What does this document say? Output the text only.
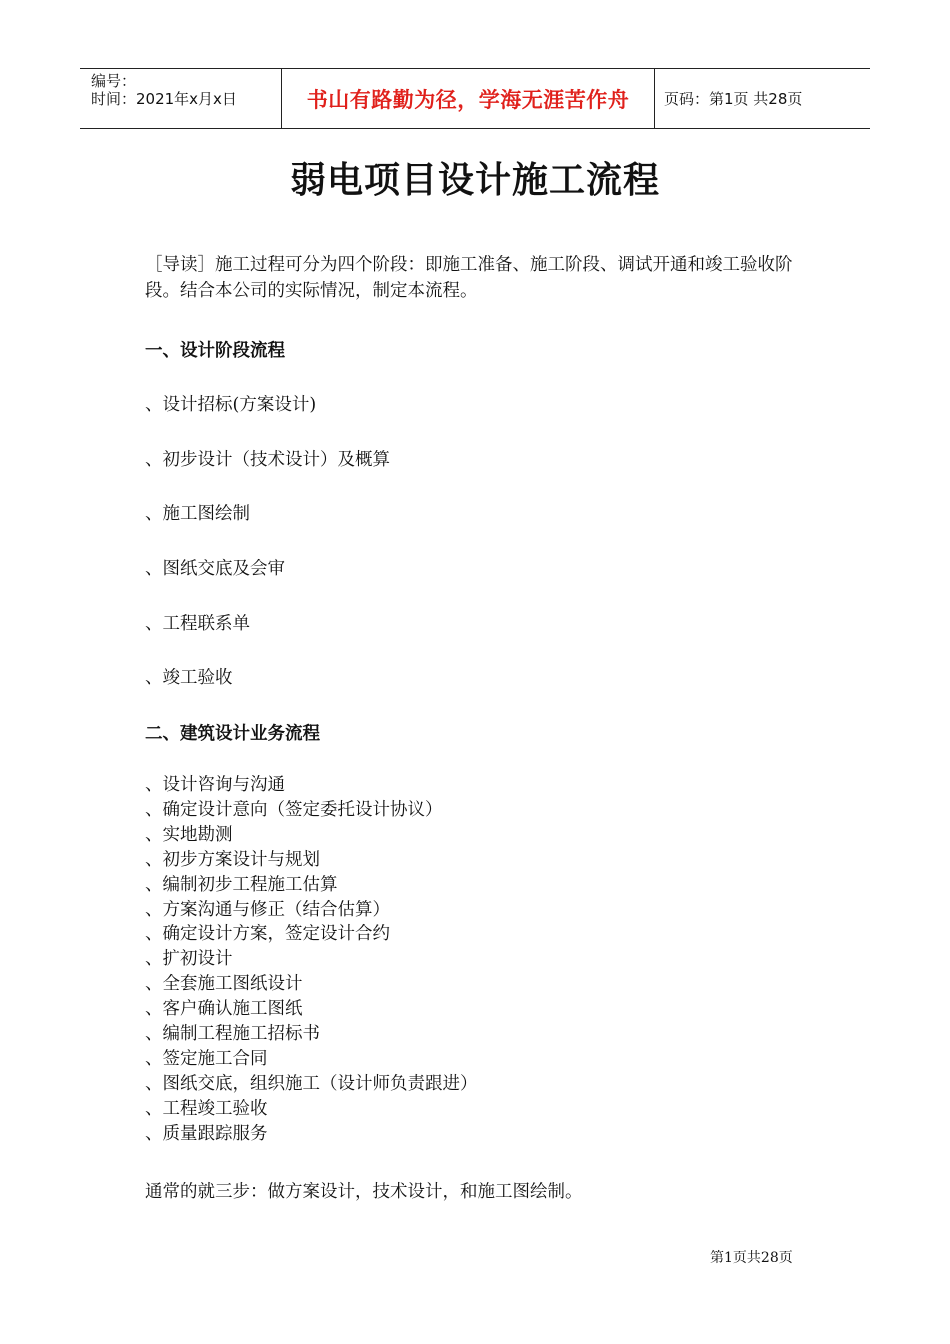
编号：
时间：2021年x月x日	书山有路勤为径，学海无涯苦作舟	页码：第1页 共28页
弱电项目设计施工流程

［导读］施工过程可分为四个阶段：即施工准备、施工阶段、调试开通和竣工验收阶段。结合本公司的实际情况，制定本流程。

一、设计阶段流程
、设计招标(方案设计)
、初步设计（技术设计）及概算
、施工图绘制
、图纸交底及会审
、工程联系单
、竣工验收
二、建筑设计业务流程
、设计咨询与沟通
、确定设计意向（签定委托设计协议）
、实地勘测
、初步方案设计与规划
、编制初步工程施工估算
、方案沟通与修正（结合估算）
、确定设计方案，签定设计合约
、扩初设计
、全套施工图纸设计
、客户确认施工图纸
、编制工程施工招标书
、签定施工合同
、图纸交底，组织施工（设计师负责跟进）
、工程竣工验收
、质量跟踪服务
通常的就三步：做方案设计，技术设计，和施工图绘制。
第1页共28页
